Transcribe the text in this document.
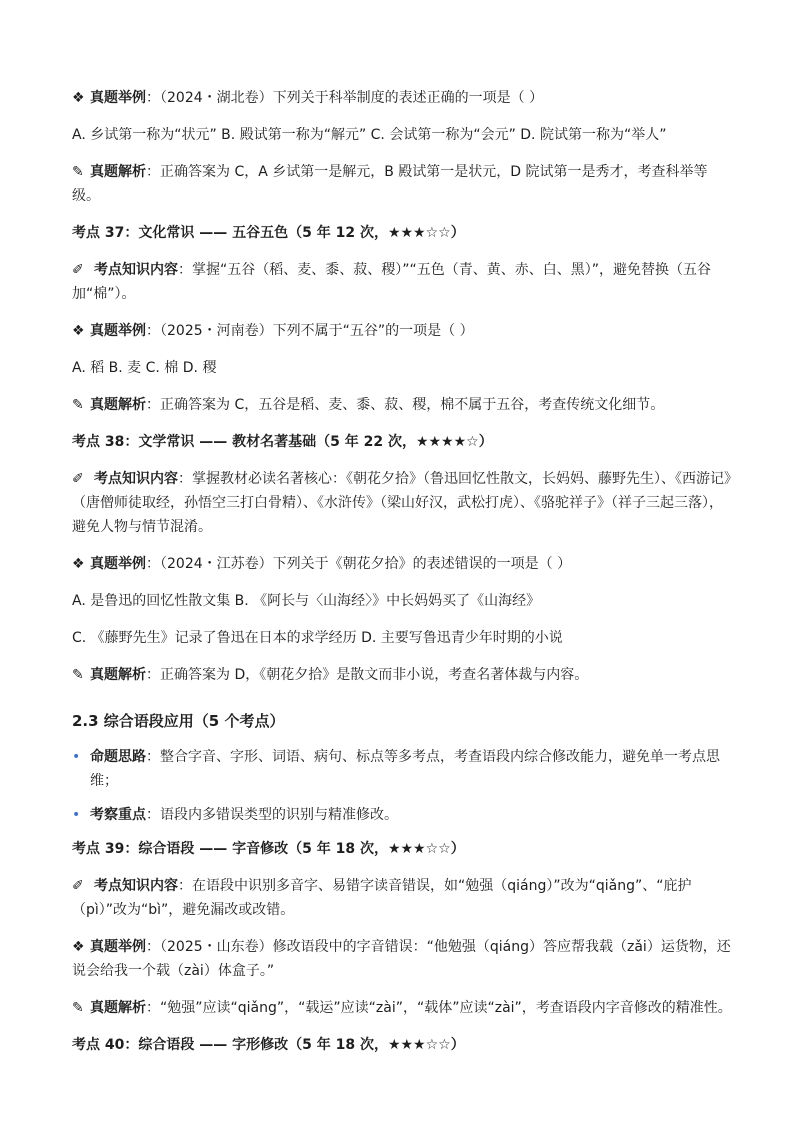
❖ 真题举例：（2024・湖北卷）下列关于科举制度的表述正确的一项是（ ）

A. 乡试第一称为“状元” B. 殿试第一称为“解元” C. 会试第一称为“会元” D. 院试第一称为“举人”

✎ 真题解析：正确答案为 C，A 乡试第一是解元，B 殿试第一是状元，D 院试第一是秀才，考查科举等级。

考点 37：文化常识 —— 五谷五色（5 年 12 次，★★★☆☆）

✐ 考点知识内容：掌握“五谷（稻、麦、黍、菽、稷）”“五色（青、黄、赤、白、黑）”，避免替换（五谷加“棉”）。

❖ 真题举例：（2025・河南卷）下列不属于“五谷”的一项是（ ）

A. 稻 B. 麦 C. 棉 D. 稷

✎ 真题解析：正确答案为 C，五谷是稻、麦、黍、菽、稷，棉不属于五谷，考查传统文化细节。

考点 38：文学常识 —— 教材名著基础（5 年 22 次，★★★★☆）

✐ 考点知识内容：掌握教材必读名著核心：《朝花夕拾》（鲁迅回忆性散文，长妈妈、藤野先生）、《西游记》（唐僧师徒取经，孙悟空三打白骨精）、《水浒传》（梁山好汉，武松打虎）、《骆驼祥子》（祥子三起三落），避免人物与情节混淆。

❖ 真题举例：（2024・江苏卷）下列关于《朝花夕拾》的表述错误的一项是（ ）

A. 是鲁迅的回忆性散文集 B. 《阿长与〈山海经〉》中长妈妈买了《山海经》

C. 《藤野先生》记录了鲁迅在日本的求学经历 D. 主要写鲁迅青少年时期的小说

✎ 真题解析：正确答案为 D，《朝花夕拾》是散文而非小说，考查名著体裁与内容。

2.3 综合语段应用（5 个考点）

• 命题思路：整合字音、字形、词语、病句、标点等多考点，考查语段内综合修改能力，避免单一考点思维；
• 考察重点：语段内多错误类型的识别与精准修改。

考点 39：综合语段 —— 字音修改（5 年 18 次，★★★☆☆）

✐ 考点知识内容：在语段中识别多音字、易错字读音错误，如“勉强（qiáng）”改为“qiǎng”、“庇护（pì）”改为“bì”，避免漏改或改错。

❖ 真题举例：（2025・山东卷）修改语段中的字音错误：“他勉强（qiáng）答应帮我载（zǎi）运货物，还说会给我一个载（zài）体盒子。”

✎ 真题解析：“勉强”应读“qiǎng”，“载运”应读“zài”，“载体”应读“zài”，考查语段内字音修改的精准性。

考点 40：综合语段 —— 字形修改（5 年 18 次，★★★☆☆）
